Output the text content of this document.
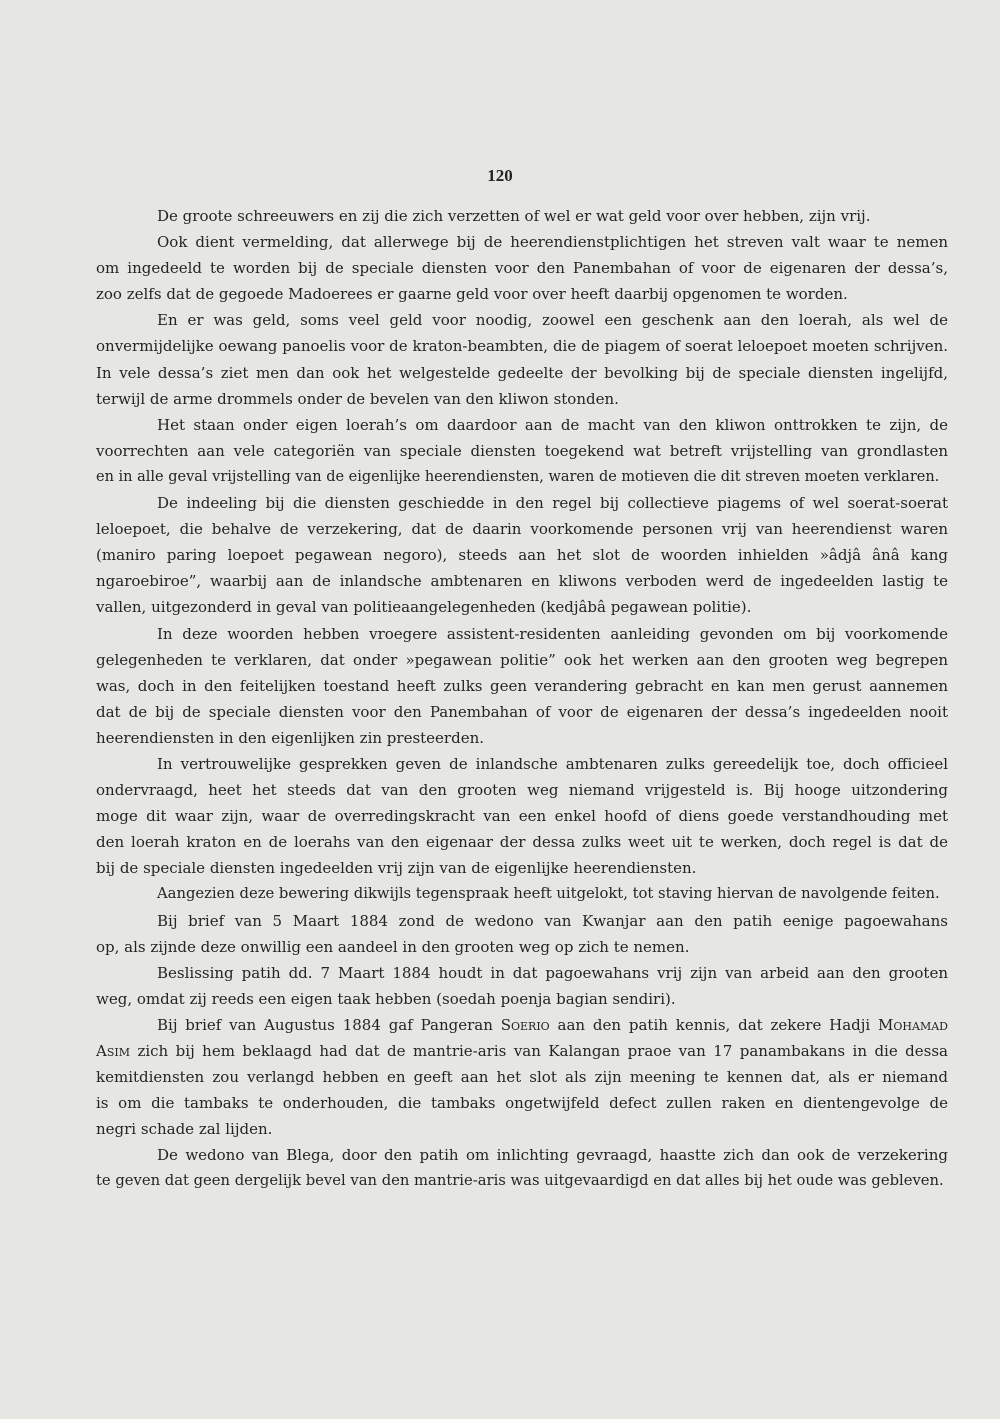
120
De groote schreeuwers en zij die zich verzetten of wel er wat geld voor over hebben, zijn vrij.
Ook dient vermelding, dat allerwege bij de heerendienstplichtigen het streven valt waar te nemen
om ingedeeld te worden bij de speciale diensten voor den Panembahan of voor de eigenaren der dessa’s,
zoo zelfs dat de gegoede Madoerees er gaarne geld voor over heeft daarbij opgenomen te worden.
En er was geld, soms veel geld voor noodig, zoowel een geschenk aan den loerah, als wel de
onvermijdelijke oewang panoelis voor de kraton-beambten, die de piagem of soerat leloepoet moeten schrijven.
In vele dessa’s ziet men dan ook het welgestelde gedeelte der bevolking bij de speciale diensten ingelijfd,
terwijl de arme drommels onder de bevelen van den kliwon stonden.
Het staan onder eigen loerah’s om daardoor aan de macht van den kliwon onttrokken te zijn, de
voorrechten aan vele categoriën van speciale diensten toegekend wat betreft vrijstelling van grondlasten
en in alle geval vrijstelling van de eigenlijke heerendiensten, waren de motieven die dit streven moeten verklaren.
De indeeling bij die diensten geschiedde in den regel bij collectieve piagems of wel soerat-soerat
leloepoet, die behalve de verzekering, dat de daarin voorkomende personen vrij van heerendienst waren
(maniro paring loepoet pegawean negoro), steeds aan het slot de woorden inhielden »âdjâ ânâ kang
ngaroebiroe”, waarbij aan de inlandsche ambtenaren en kliwons verboden werd de ingedeelden lastig te
vallen, uitgezonderd in geval van politieaangelegenheden (kedjâbâ pegawean politie).
In deze woorden hebben vroegere assistent-residenten aanleiding gevonden om bij voorkomende
gelegenheden te verklaren, dat onder »pegawean politie” ook het werken aan den grooten weg begrepen
was, doch in den feitelijken toestand heeft zulks geen verandering gebracht en kan men gerust aannemen
dat de bij de speciale diensten voor den Panembahan of voor de eigenaren der dessa’s ingedeelden nooit
heerendiensten in den eigenlijken zin presteerden.
In vertrouwelijke gesprekken geven de inlandsche ambtenaren zulks gereedelijk toe, doch officieel
ondervraagd, heet het steeds dat van den grooten weg niemand vrijgesteld is. Bij hooge uitzondering
moge dit waar zijn, waar de overredingskracht van een enkel hoofd of diens goede verstandhouding met
den loerah kraton en de loerahs van den eigenaar der dessa zulks weet uit te werken, doch regel is dat de
bij de speciale diensten ingedeelden vrij zijn van de eigenlijke heerendiensten.
Aangezien deze bewering dikwijls tegenspraak heeft uitgelokt, tot staving hiervan de navolgende feiten.
Bij brief van 5 Maart 1884 zond de wedono van Kwanjar aan den patih eenige pagoewahans
op, als zijnde deze onwillig een aandeel in den grooten weg op zich te nemen.
Beslissing patih dd. 7 Maart 1884 houdt in dat pagoewahans vrij zijn van arbeid aan den grooten
weg, omdat zij reeds een eigen taak hebben (soedah poenja bagian sendiri).
Bij brief van Augustus 1884 gaf Pangeran Soerio aan den patih kennis, dat zekere Hadji Mohamad
Asim zich bij hem beklaagd had dat de mantrie-aris van Kalangan praoe van 17 panambakans in die dessa
kemitdiensten zou verlangd hebben en geeft aan het slot als zijn meening te kennen dat, als er niemand
is om die tambaks te onderhouden, die tambaks ongetwijfeld defect zullen raken en dientengevolge de
negri schade zal lijden.
De wedono van Blega, door den patih om inlichting gevraagd, haastte zich dan ook de verzekering
te geven dat geen dergelijk bevel van den mantrie-aris was uitgevaardigd en dat alles bij het oude was gebleven.
